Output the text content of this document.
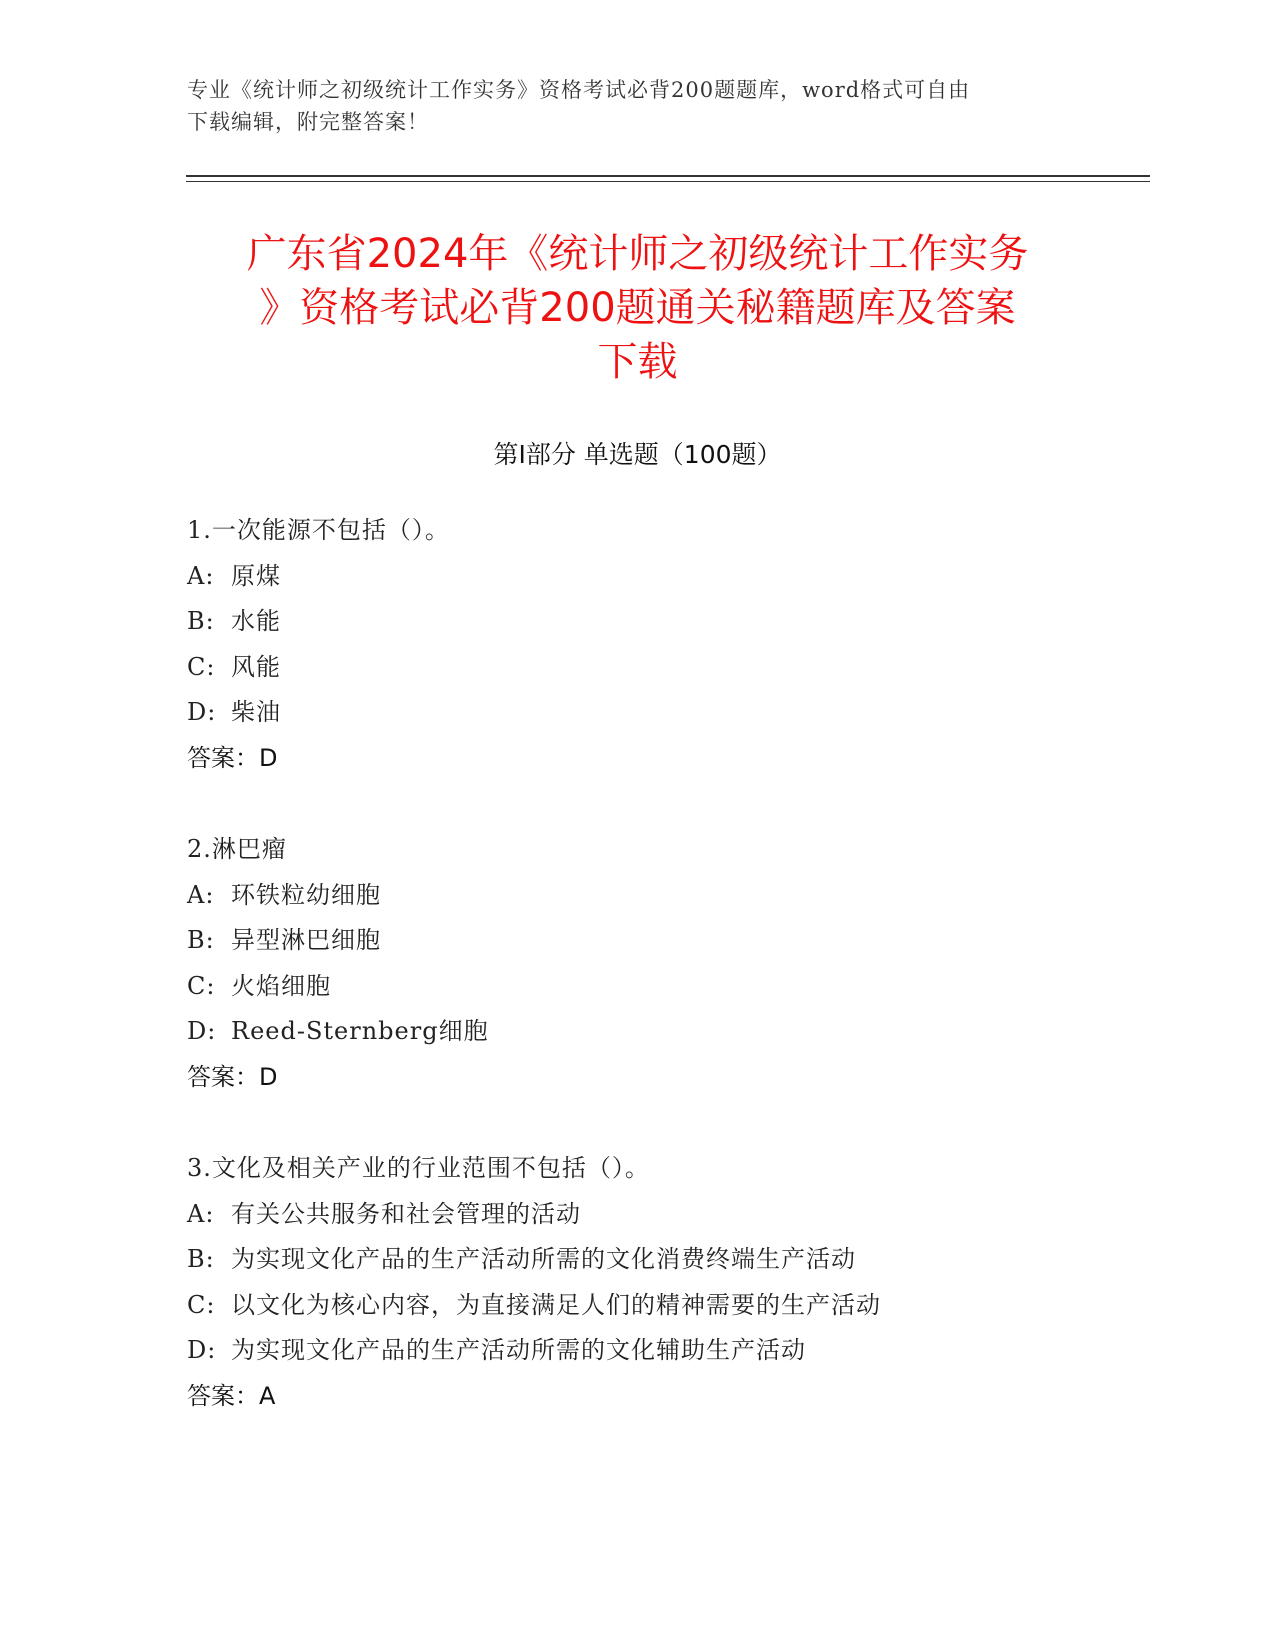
专业《统计师之初级统计工作实务》资格考试必背200题题库，word格式可自由
下载编辑，附完整答案！
广东省2024年《统计师之初级统计工作实务
》资格考试必背200题通关秘籍题库及答案
下载
第Ⅰ部分 单选题（100题）
1.一次能源不包括（）。
A: 原煤
B: 水能
C: 风能
D: 柴油
答案：D
2.淋巴瘤
A: 环铁粒幼细胞
B: 异型淋巴细胞
C: 火焰细胞
D: Reed-Sternberg细胞
答案：D
3.文化及相关产业的行业范围不包括（）。
A: 有关公共服务和社会管理的活动
B: 为实现文化产品的生产活动所需的文化消费终端生产活动
C: 以文化为核心内容，为直接满足人们的精神需要的生产活动
D: 为实现文化产品的生产活动所需的文化辅助生产活动
答案：A
